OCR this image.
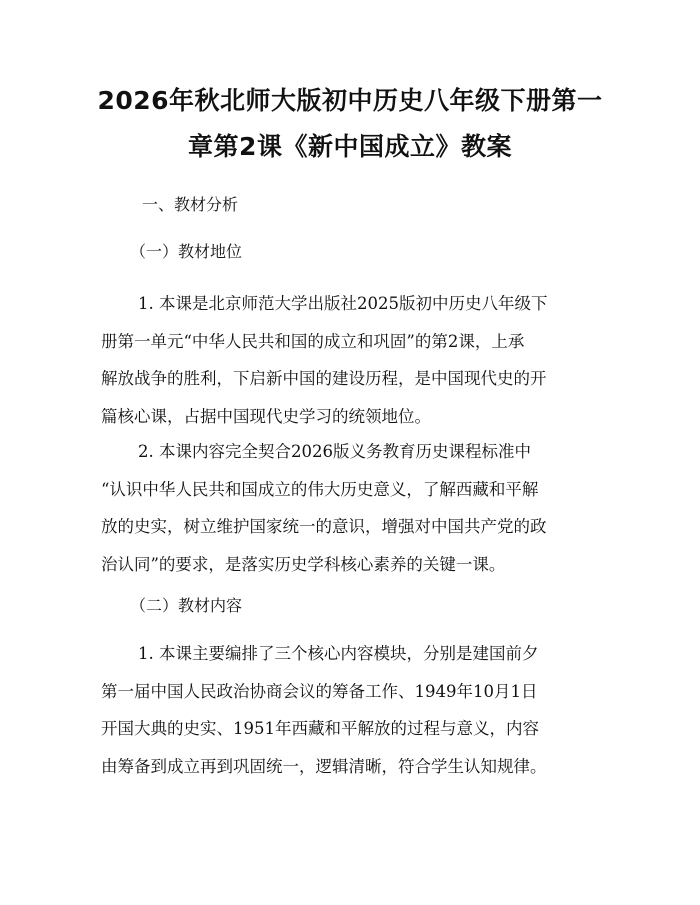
2026年秋北师大版初中历史八年级下册第一
章第2课《新中国成立》教案
一、教材分析
（一）教材地位
1. 本课是北京师范大学出版社2025版初中历史八年级下
册第一单元“中华人民共和国的成立和巩固”的第2课，上承
解放战争的胜利，下启新中国的建设历程，是中国现代史的开
篇核心课，占据中国现代史学习的统领地位。
2. 本课内容完全契合2026版义务教育历史课程标准中
“认识中华人民共和国成立的伟大历史意义，了解西藏和平解
放的史实，树立维护国家统一的意识，增强对中国共产党的政
治认同”的要求，是落实历史学科核心素养的关键一课。
（二）教材内容
1. 本课主要编排了三个核心内容模块，分别是建国前夕
第一届中国人民政治协商会议的筹备工作、1949年10月1日
开国大典的史实、1951年西藏和平解放的过程与意义，内容
由筹备到成立再到巩固统一，逻辑清晰，符合学生认知规律。
